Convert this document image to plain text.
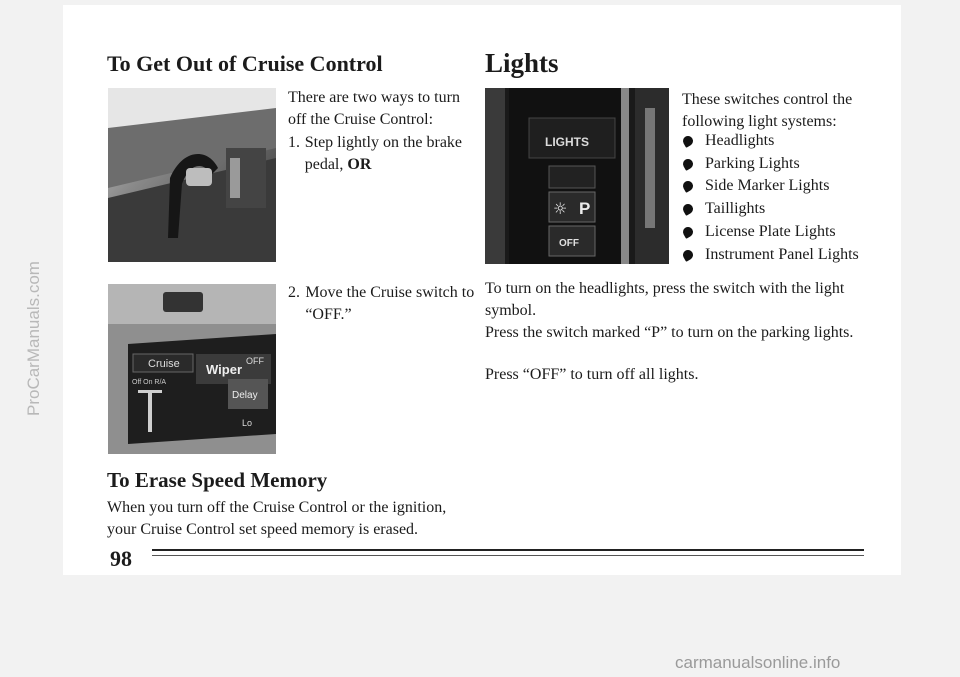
To Get Out of Cruise Control
There are two ways to turn off the Cruise Control:
1. Step lightly on the brake pedal, OR
Cruise Wiper
Delay
OFF
Off On R/A
Lo
2. Move the Cruise switch to “OFF.”
To Erase Speed Memory
When you turn off the Cruise Control or the ignition, your Cruise Control set speed memory is erased.
Lights
LIGHTS
☼ P
OFF
These switches control the following light systems:
Headlights
Parking Lights
Side Marker Lights
Taillights
License Plate Lights
Instrument Panel Lights
To turn on the headlights, press the switch with the light symbol.
Press the switch marked “P” to turn on the parking lights.
Press “OFF” to turn off all lights.
98
ProCarManuals.com
carmanualsonline.info
